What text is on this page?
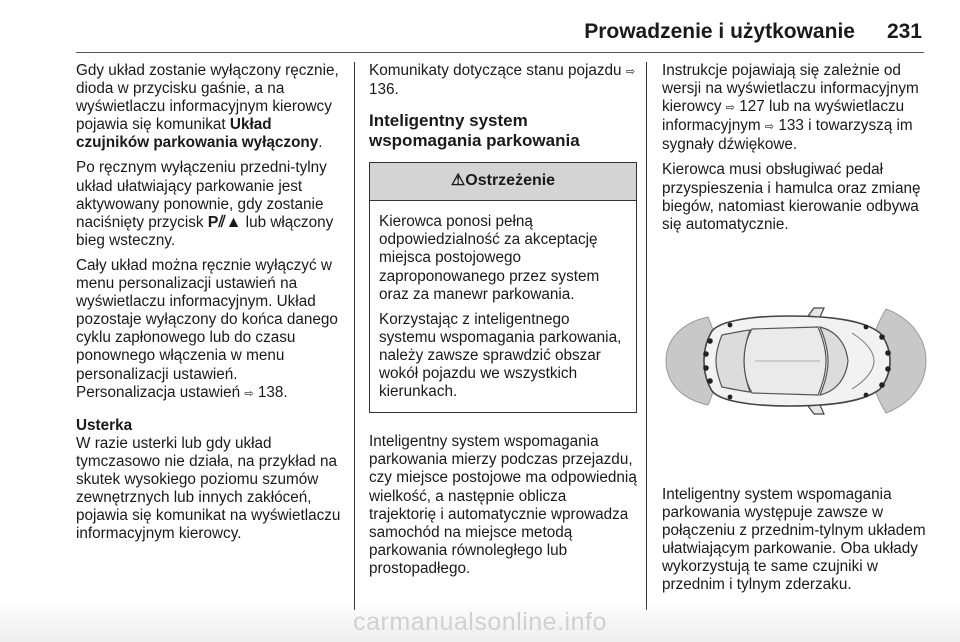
Prowadzenie i użytkowanie 231

Gdy układ zostanie wyłączony ręcznie, dioda w przycisku gaśnie, a na wyświetlaczu informacyjnym kierowcy pojawia się komunikat Układ czujników parkowania wyłączony.

Po ręcznym wyłączeniu przedni-tylny układ ułatwiający parkowanie jest aktywowany ponownie, gdy zostanie naciśnięty przycisk P⫽▲ lub włączony bieg wsteczny.

Cały układ można ręcznie wyłączyć w menu personalizacji ustawień na wyświetlaczu informacyjnym. Układ pozostaje wyłączony do końca danego cyklu zapłonowego lub do czasu ponownego włączenia w menu personalizacji ustawień.
Personalizacja ustawień ⇨ 138.

Usterka

W razie usterki lub gdy układ tymczasowo nie działa, na przykład na skutek wysokiego poziomu szumów zewnętrznych lub innych zakłóceń, pojawia się komunikat na wyświetlaczu informacyjnym kierowcy.

Komunikaty dotyczące stanu pojazdu ⇨ 136.

Inteligentny system wspomagania parkowania
⚠Ostrzeżenie

Kierowca ponosi pełną odpowiedzialność za akceptację miejsca postojowego zaproponowanego przez system oraz za manewr parkowania.

Korzystając z inteligentnego systemu wspomagania parkowania, należy zawsze sprawdzić obszar wokół pojazdu we wszystkich kierunkach.

Inteligentny system wspomagania parkowania mierzy podczas przejazdu, czy miejsce postojowe ma odpowiednią wielkość, a następnie oblicza trajektorię i automatycznie wprowadza samochód na miejsce metodą parkowania równoległego lub prostopadłego.

Instrukcje pojawiają się zależnie od wersji na wyświetlaczu informacyjnym kierowcy ⇨ 127 lub na wyświetlaczu informacyjnym ⇨ 133 i towarzyszą im sygnały dźwiękowe.

Kierowca musi obsługiwać pedał przyspieszenia i hamulca oraz zmianę biegów, natomiast kierowanie odbywa się automatycznie.

Inteligentny system wspomagania parkowania występuje zawsze w połączeniu z przednim-tylnym układem ułatwiającym parkowanie. Oba układy wykorzystują te same czujniki w przednim i tylnym zderzaku.

carmanualsonline.info
